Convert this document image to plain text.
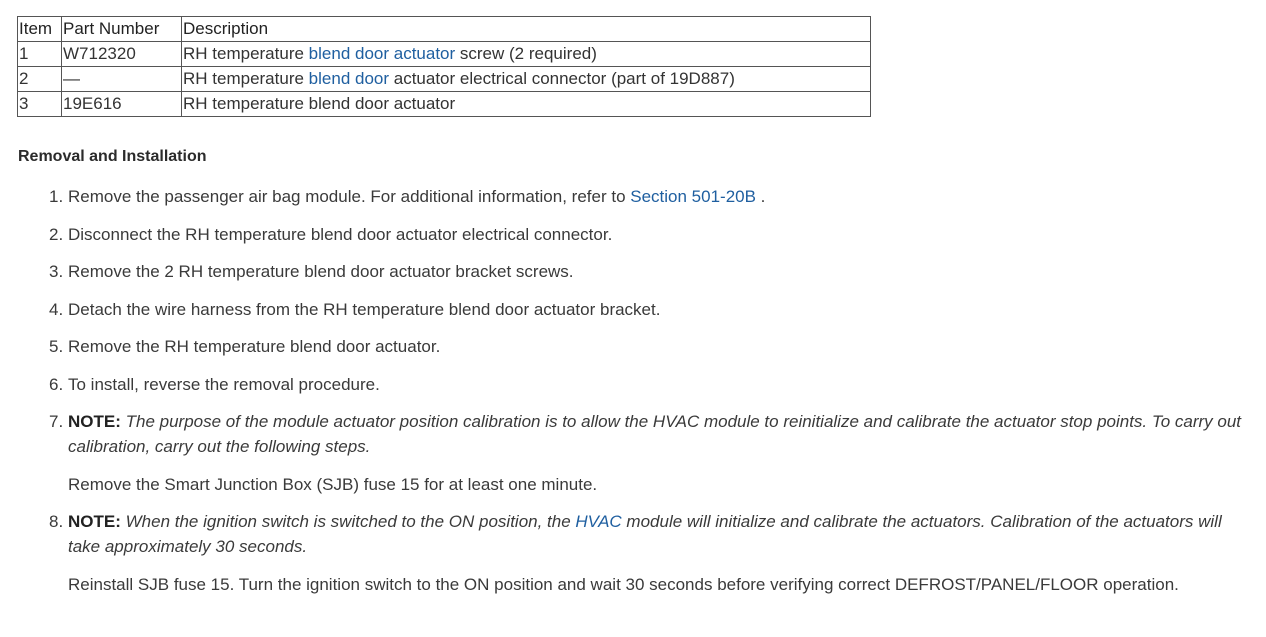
Item	Part Number	Description
1	W712320	RH temperature blend door actuator screw (2 required)
2	—	RH temperature blend door actuator electrical connector (part of 19D887)
3	19E616	RH temperature blend door actuator
Removal and Installation
1. Remove the passenger air bag module. For additional information, refer to Section 501-20B .
2. Disconnect the RH temperature blend door actuator electrical connector.
3. Remove the 2 RH temperature blend door actuator bracket screws.
4. Detach the wire harness from the RH temperature blend door actuator bracket.
5. Remove the RH temperature blend door actuator.
6. To install, reverse the removal procedure.
7. NOTE: The purpose of the module actuator position calibration is to allow the HVAC module to reinitialize and calibrate the actuator stop points. To carry out calibration, carry out the following steps.
Remove the Smart Junction Box (SJB) fuse 15 for at least one minute.
8. NOTE: When the ignition switch is switched to the ON position, the HVAC module will initialize and calibrate the actuators. Calibration of the actuators will take approximately 30 seconds.
Reinstall SJB fuse 15. Turn the ignition switch to the ON position and wait 30 seconds before verifying correct DEFROST/PANEL/FLOOR operation.
